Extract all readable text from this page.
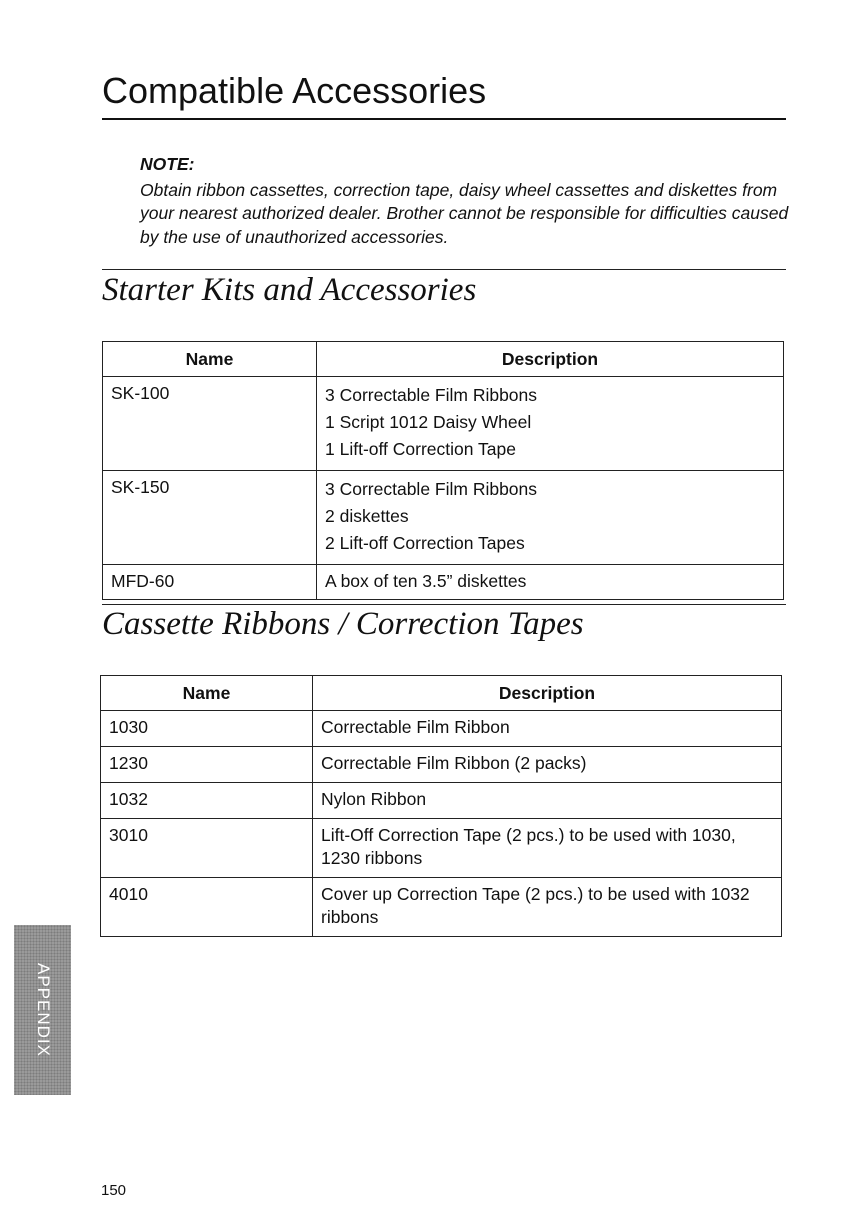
Compatible Accessories
NOTE:
Obtain ribbon cassettes, correction tape, daisy wheel cassettes and diskettes from your nearest authorized dealer. Brother cannot be responsible for difficulties caused by the use of unauthorized accessories.
Starter Kits and Accessories
Name	Description
SK-100	3 Correctable Film Ribbons
1 Script 1012 Daisy Wheel
1 Lift-off Correction Tape

SK-150	3 Correctable Film Ribbons
2 diskettes
2 Lift-off Correction Tapes

MFD-60	A box of ten 3.5” diskettes
Cassette Ribbons / Correction Tapes
Name	Description
1030	Correctable Film Ribbon
1230	Correctable Film Ribbon (2 packs)
1032	Nylon Ribbon
3010	Lift-Off Correction Tape (2 pcs.) to be used with 1030, 1230 ribbons
4010	Cover up Correction Tape (2 pcs.) to be used with 1032 ribbons
APPENDIX
150
